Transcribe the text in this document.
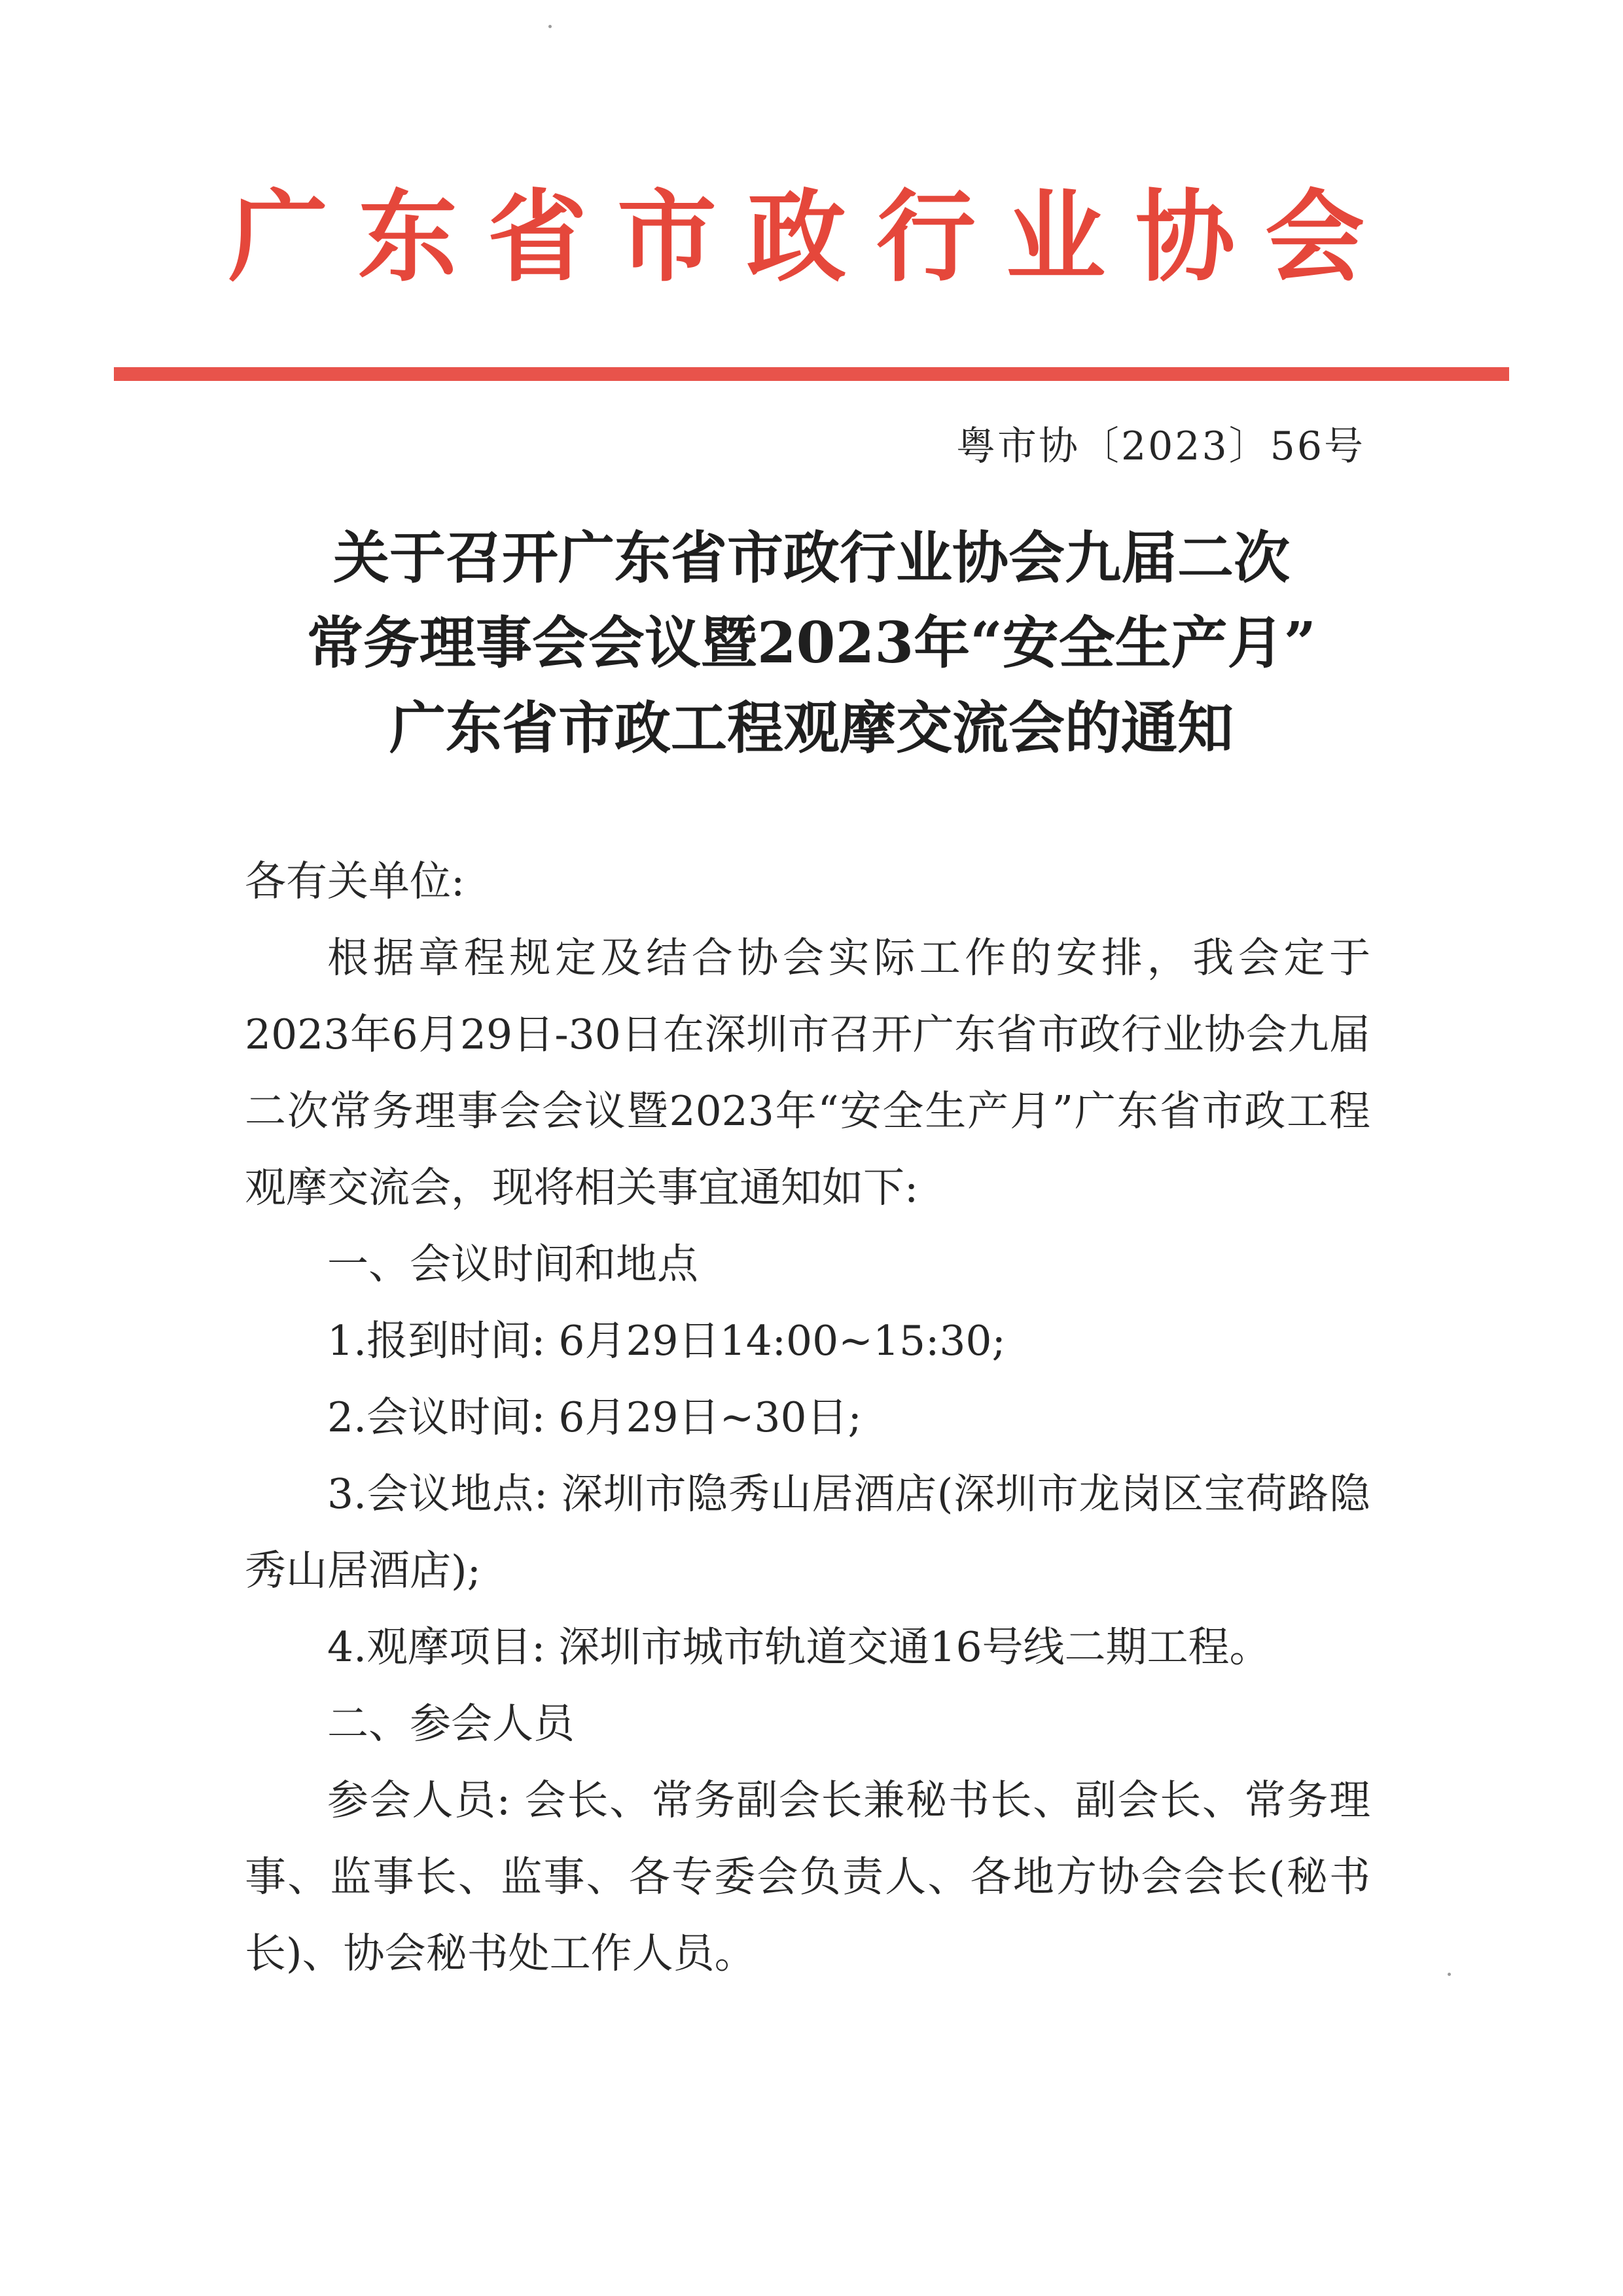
广东省市政行业协会
粤市协〔2023〕56号
关于召开广东省市政行业协会九届二次
常务理事会会议暨2023年“安全生产月”
广东省市政工程观摩交流会的通知

各有关单位:

根据章程规定及结合协会实际工作的安排，我会定于2023年6月29日-30日在深圳市召开广东省市政行业协会九届二次常务理事会会议暨2023年“安全生产月”广东省市政工程观摩交流会，现将相关事宜通知如下:

一、会议时间和地点

1.报到时间: 6月29日14:00~15:30;

2.会议时间: 6月29日~30日;

3.会议地点: 深圳市隐秀山居酒店(深圳市龙岗区宝荷路隐秀山居酒店);

4.观摩项目: 深圳市城市轨道交通16号线二期工程。

二、参会人员

参会人员: 会长、常务副会长兼秘书长、副会长、常务理事、监事长、监事、各专委会负责人、各地方协会会长(秘书长)、协会秘书处工作人员。
